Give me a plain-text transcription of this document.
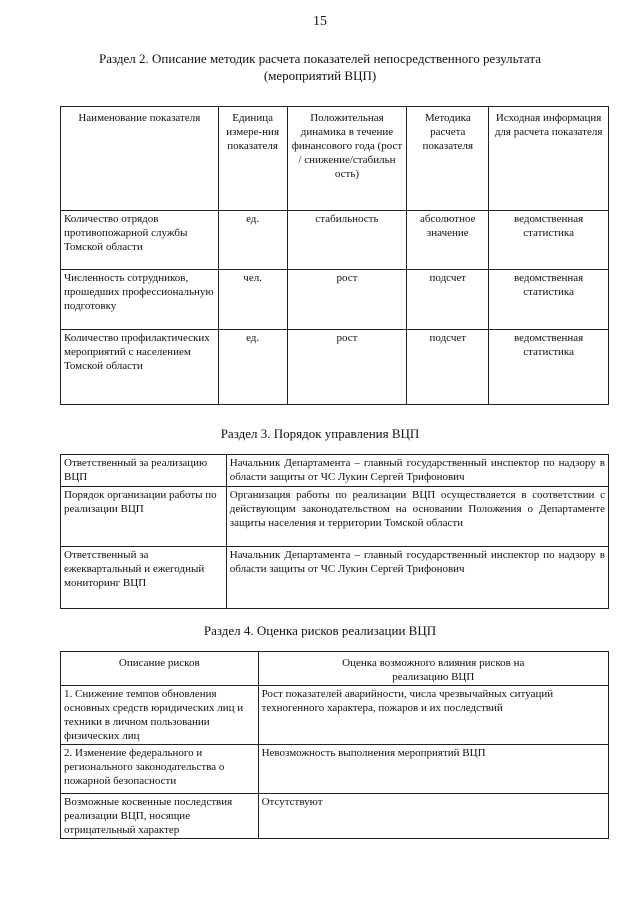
15
Раздел 2. Описание методик расчета показателей непосредственного результата
(мероприятий ВЦП)
Наименование показателя	Единица измере-ния показателя	Положительная динамика в течение финансового года (рост / снижение/стабильн ость)	Методика расчета показателя	Исходная информация для расчета показателя
Количество отрядов противопожарной службы Томской области	ед.	стабильность	абсолютное значение	ведомственная статистика
Численность сотрудников, прошедших профессиональную подготовку	чел.	рост	подсчет	ведомственная статистика
Количество профилактических мероприятий с населением Томской области	ед.	рост	подсчет	ведомственная статистика
Раздел 3. Порядок управления ВЦП
Ответственный за реализацию ВЦП	Начальник Департамента – главный государственный инспектор по надзору в области защиты от ЧС Лукин Сергей Трифонович
Порядок организации работы по реализации ВЦП	Организация работы по реализации ВЦП осуществляется в соответствии с действующим законодательством на основании Положения о Департаменте защиты населения и территории Томской области
Ответственный за ежеквартальный и ежегодный мониторинг ВЦП	Начальник Департамента – главный государственный инспектор по надзору в области защиты от ЧС Лукин Сергей Трифонович
Раздел 4. Оценка рисков реализации ВЦП
Описание рисков	Оценка возможного влияния рисков на реализацию ВЦП

1. Снижение темпов обновления основных средств юридических лиц и техники в личном пользовании физических лиц	Рост показателей аварийности, числа чрезвычайных ситуаций техногенного характера, пожаров и их последствий
2. Изменение федерального и регионального законодательства о пожарной безопасности	Невозможность выполнения мероприятий ВЦП
Возможные косвенные последствия реализации ВЦП, носящие отрицательный характер	Отсутствуют
